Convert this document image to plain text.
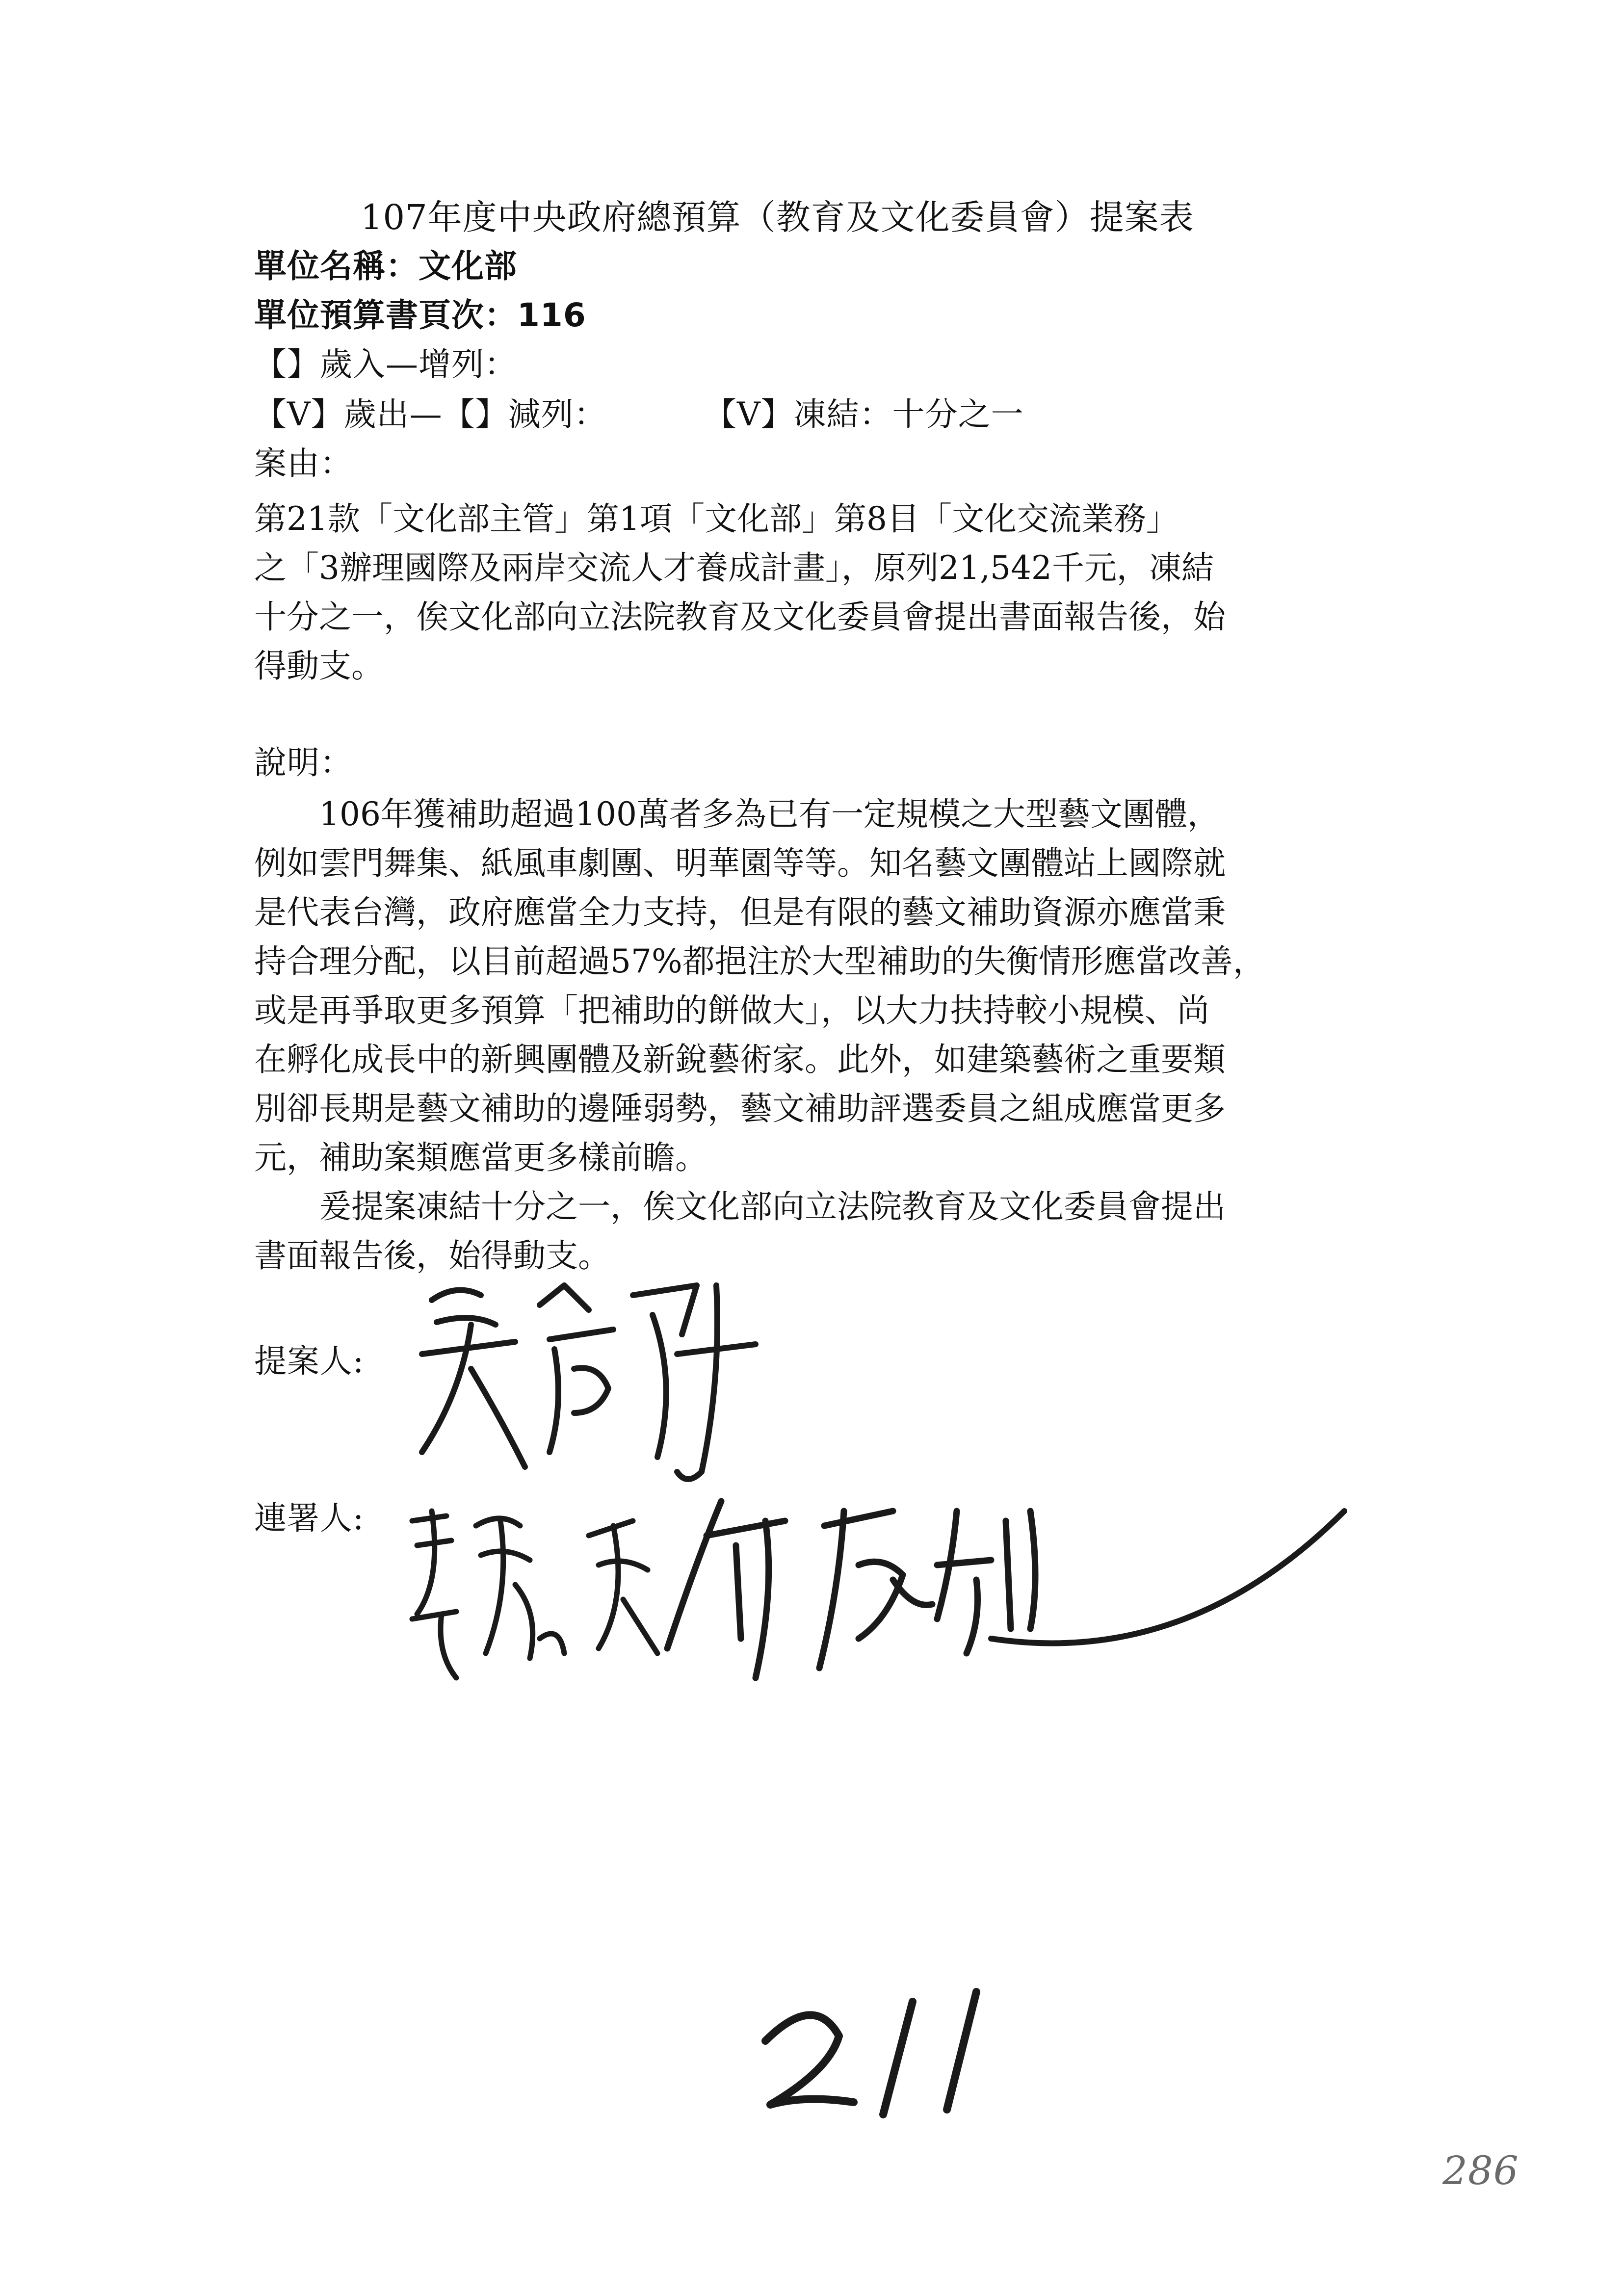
107年度中央政府總預算（教育及文化委員會）提案表
單位名稱：文化部
單位預算書頁次：116
【】歲入—增列：
【V】歲出—【】減列：	【V】凍結：十分之一
案由：

第21款「文化部主管」第1項「文化部」第8目「文化交流業務」

之「3辦理國際及兩岸交流人才養成計畫」，原列21,542千元，凍結

十分之一，俟文化部向立法院教育及文化委員會提出書面報告後，始

得動支。

說明：

　　106年獲補助超過100萬者多為已有一定規模之大型藝文團體，

例如雲門舞集、紙風車劇團、明華園等等。知名藝文團體站上國際就

是代表台灣，政府應當全力支持，但是有限的藝文補助資源亦應當秉

持合理分配，以目前超過57%都挹注於大型補助的失衡情形應當改善，

或是再爭取更多預算「把補助的餅做大」，以大力扶持較小規模、尚

在孵化成長中的新興團體及新銳藝術家。此外，如建築藝術之重要類

別卻長期是藝文補助的邊陲弱勢，藝文補助評選委員之組成應當更多

元，補助案類應當更多樣前瞻。

　　爰提案凍結十分之一，俟文化部向立法院教育及文化委員會提出

書面報告後，始得動支。

提案人:
連署人:
286
